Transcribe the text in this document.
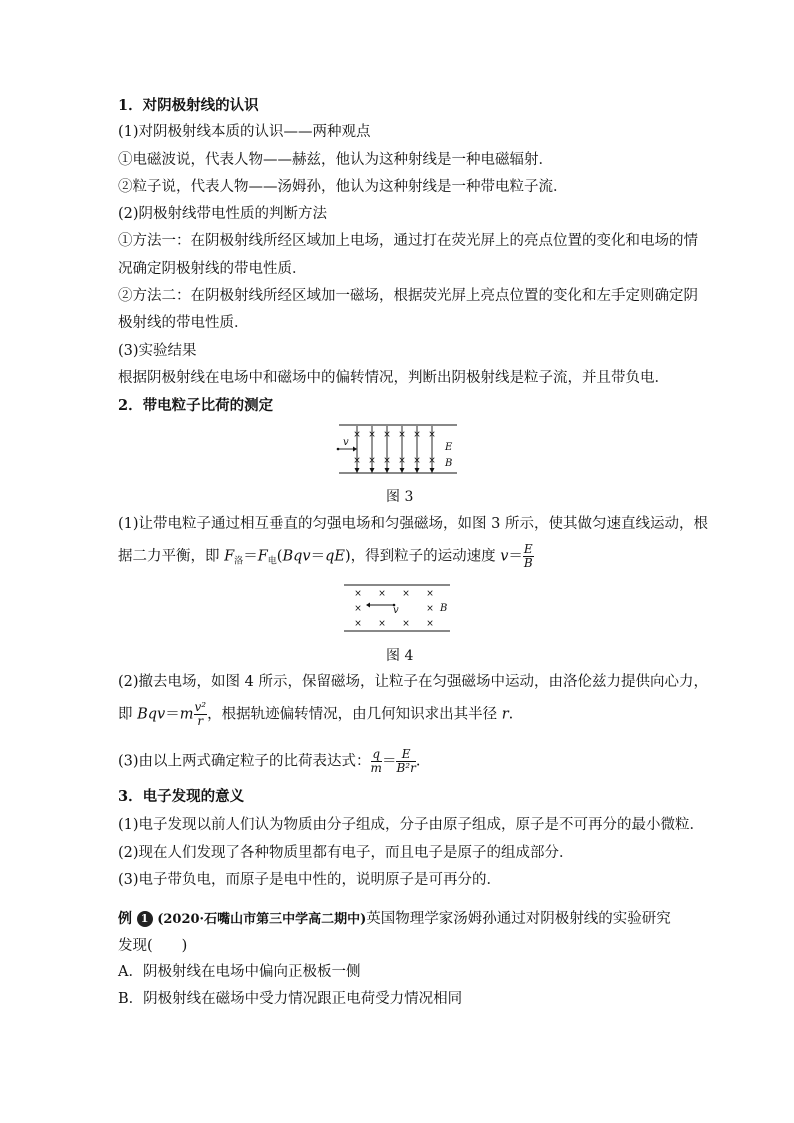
1．对阴极射线的认识
(1)对阴极射线本质的认识——两种观点
①电磁波说，代表人物——赫兹，他认为这种射线是一种电磁辐射．
②粒子说，代表人物——汤姆孙，他认为这种射线是一种带电粒子流．
(2)阴极射线带电性质的判断方法
①方法一：在阴极射线所经区域加上电场，通过打在荧光屏上的亮点位置的变化和电场的情
况确定阴极射线的带电性质．
②方法二：在阴极射线所经区域加一磁场，根据荧光屏上亮点位置的变化和左手定则确定阴
极射线的带电性质．
(3)实验结果
根据阴极射线在电场中和磁场中的偏转情况，判断出阴极射线是粒子流，并且带负电．
2．带电粒子比荷的测定
× × × × ×
× × × × ×
×
×
v	E
B
图 3
(1)让带电粒子通过相互垂直的匀强电场和匀强磁场，如图 3 所示，使其做匀速直线运动，根
据二力平衡，即 $F_洛=F_电(Bqv=qE)$，得到粒子的运动速度 $v= \frac{E}{B}$
× × × ×
×	×
× × × ×
v	B
图 4
(2)撤去电场，如图 4 所示，保留磁场，让粒子在匀强磁场中运动，由洛伦兹力提供向心力，
即 $Bqv=m \frac{\text{v²}}{r}$ ，根据轨迹偏转情况，由几何知识求出其半径 r.
(3)由以上两式确定粒子的比荷表达式： $\frac{q}{m} = \frac{E}{\text{B²r}}$ .
3．电子发现的意义
(1)电子发现以前人们认为物质由分子组成，分子由原子组成，原子是不可再分的最小微粒．
(2)现在人们发现了各种物质里都有电子，而且电子是原子的组成部分．
(3)电子带负电，而原子是电中性的，说明原子是可再分的．
例 1 (2020·石嘴山市第三中学高二期中)英国物理学家汤姆孙通过对阴极射线的实验研究
发现(　　)
A．阴极射线在电场中偏向正极板一侧
B．阴极射线在磁场中受力情况跟正电荷受力情况相同
